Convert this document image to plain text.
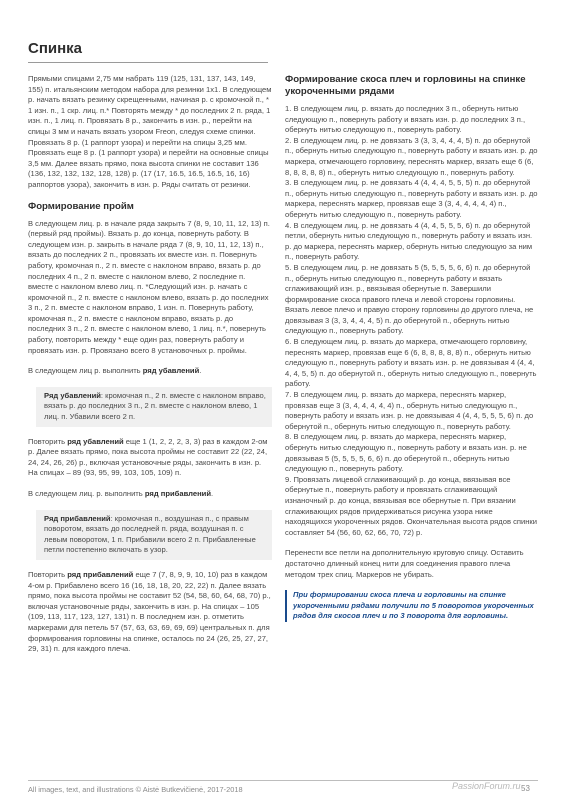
Спинка

Прямыми спицами 2,75 мм набрать 119 (125, 131, 137, 143, 149, 155) п. итальянским методом набора для резинки 1х1. В следующем р. начать вязать резинку скрещенными, начиная р. с кромочной п., * 1 изн. п., 1 скр. лиц. п.* Повторять между * до последних 2 п. ряда, 1 изн. п., 1 лиц. п. Провязать 8 р., закончить в изн. р., перейти на спицы 3 мм и начать вязать узором Freon, следуя схеме спинки. Провязать 8 р. (1 раппорт узора) и перейти на спицы 3,25 мм. Провязать еще 8 р. (1 раппорт узора) и перейти на основные спицы 3,5 мм. Далее вязать прямо, пока высота спинки не составит 136 (136, 132, 132, 132, 128, 128) р. (17 (17, 16.5, 16.5, 16.5, 16, 16) раппортов узора), закончить в изн. р. Ряды считать от резинки.

Формирование пройм

В следующем лиц. р. в начале ряда закрыть 7 (8, 9, 10, 11, 12, 13) п. (первый ряд проймы). Вязать р. до конца, повернуть работу. В следующем изн. р. закрыть в начале ряда 7 (8, 9, 10, 11, 12, 13) п., вязать до последних 2 п., провязать их вместе изн. п. Повернуть работу, кромочная п., 2 п. вместе с наклоном вправо, вязать р. до последних 4 п., 2 п. вместе с наклоном влево, 2 последние п. вместе с наклоном влево лиц. п. *Следующий изн. р. начать с кромочной п., 2 п. вместе с наклоном влево, вязать р. до последних 3 п., 2 п. вместе с наклоном вправо, 1 изн. п. Повернуть работу, кромочная п., 2 п. вместе с наклоном вправо, вязать р. до последних 3 п., 2 п. вместе с наклоном влево, 1 лиц. п.*, повернуть работу, повторить между * еще один раз, повернуть работу и провязать изн. р. Провязано всего 8 установочных р. проймы.

В следующем лиц р. выполнить ряд убавлений.

Ряд убавлений: кромочная п., 2 п. вместе с наклоном вправо, вязать р. до последних 3 п., 2 п. вместе с наклоном влево, 1 лиц. п. Убавили всего 2 п.

Повторить ряд убавлений еще 1 (1, 2, 2, 2, 3, 3) раз в каждом 2-ом р. Далее вязать прямо, пока высота проймы не составит 22 (22, 24, 24, 24, 26, 26) р., включая установочные ряды, закончить в изн. р. На спицах – 89 (93, 95, 99, 103, 105, 109) п.

В следующем лиц. р. выполнить ряд прибавлений.

Ряд прибавлений: кромочная п., воздушная п., с правым поворотом, вязать до последней п. ряда, воздушная п. с левым поворотом, 1 п. Прибавили всего 2 п. Прибавленные петли постепенно включать в узор.

Повторить ряд прибавлений еще 7 (7, 8, 9, 9, 10, 10) раз в каждом 4-ом р. Прибавлено всего 16 (16, 18, 18, 20, 22, 22) п. Далее вязать прямо, пока высота проймы не составит 52 (54, 58, 60, 64, 68, 70) р., включая установочные ряды, закончить в изн. р. На спицах – 105 (109, 113, 117, 123, 127, 131) п. В последнем изн. р. отметить маркерами для петель 57 (57, 63, 63, 69, 69, 69) центральных п. для формирования горловины на спинке, осталось по 24 (26, 25, 27, 27, 29, 31) п. для каждого плеча.

Формирование скоса плеч и горловины на спинке укороченными рядами

1. В следующем лиц. р. вязать до последних 3 п., обернуть нитью следующую п., повернуть работу и вязать изн. р. до последних 3 п., обернуть нитью следующую п., повернуть работу.

2. В следующем лиц. р. не довязать 3 (3, 3, 4, 4, 4, 5) п. до обернутой п., обернуть нитью следующую п., повернуть работу и вязать изн. р. до маркера, отмечающего горловину, переснять маркер, вязать еще 6 (6, 8, 8, 8, 8, 8) п., обернуть нитью следующую п., повернуть работу.

3. В следующем лиц. р. не довязать 4 (4, 4, 4, 5, 5, 5) п. до обернутой п., обернуть нитью следующую п., повернуть работу и вязать изн. р. до маркера, переснять маркер, провязав еще 3 (3, 4, 4, 4, 4, 4) п., обернуть нитью следующую п., повернуть работу.

4. В следующем лиц. р. не довязать 4 (4, 4, 5, 5, 5, 6) п. до обернутой петли, обернуть нитью следующую п., повернуть работу и вязать изн. р. до маркера, переснять маркер, обернуть нитью следующую за ним п., повернуть работу.

5. В следующем лиц. р. не довязать 5 (5, 5, 5, 5, 6, 6) п. до обернутой п., обернуть нитью следующую п., повернуть работу и вязать сглаживающий изн. р., ввязывая обернутые п. Завершили формирование скоса правого плеча и левой стороны горловины. Вязать левое плечо и правую сторону горловины до другого плеча, не довязывая 3 (3, 3, 4, 4, 4, 5) п. до обернутой п., обернуть нитью следующую п., повернуть работу.

6. В следующем лиц. р. вязать до маркера, отмечающего горловину, переснять маркер, провязав еще 6 (6, 8, 8, 8, 8, 8) п., обернуть нитью следующую п., повернуть работу и вязать изн. р. не довязывая 4 (4, 4, 4, 4, 5, 5) п. до обернутой п., обернуть нитью следующую п., повернуть работу.

7. В следующем лиц. р. вязать до маркера, переснять маркер, провязав еще 3 (3, 4, 4, 4, 4, 4) п., обернуть нитью следующую п., повернуть работу и вязать изн. р. не довязывая 4 (4, 4, 5, 5, 5, 6) п. до обернутой п., обернуть нитью следующую п., повернуть работу.

8. В следующем лиц. р. вязать до маркера, переснять маркер, обернуть нитью следующую п., повернуть работу и вязать изн. р. не довязывая 5 (5, 5, 5, 5, 6, 6) п. до обернутой п., обернуть нитью следующую п., повернуть работу.

9. Провязать лицевой сглаживающий р. до конца, ввязывая все обернутые п., повернуть работу и провязать сглаживающий изнаночный р. до конца, ввязывая все обернутые п. При вязании сглаживающих рядов придерживаться рисунка узора ниже находящихся укороченных рядов. Окончательная высота рядов спинки составляет 54 (56, 60, 62, 66, 70, 72) р.

Перенести все петли на дополнительную круговую спицу. Оставить достаточно длинный конец нити для соединения правого плеча методом трех спиц. Маркеров не убирать.

При формировании скоса плеча и горловины на спинке укороченными рядами получили по 5 поворотов укороченных рядов для скосов плеч и по 3 поворота для горловины.

All images, text, and illustrations © Aistė Butkevičienė, 2017-2018	PassionForum.ru 53
